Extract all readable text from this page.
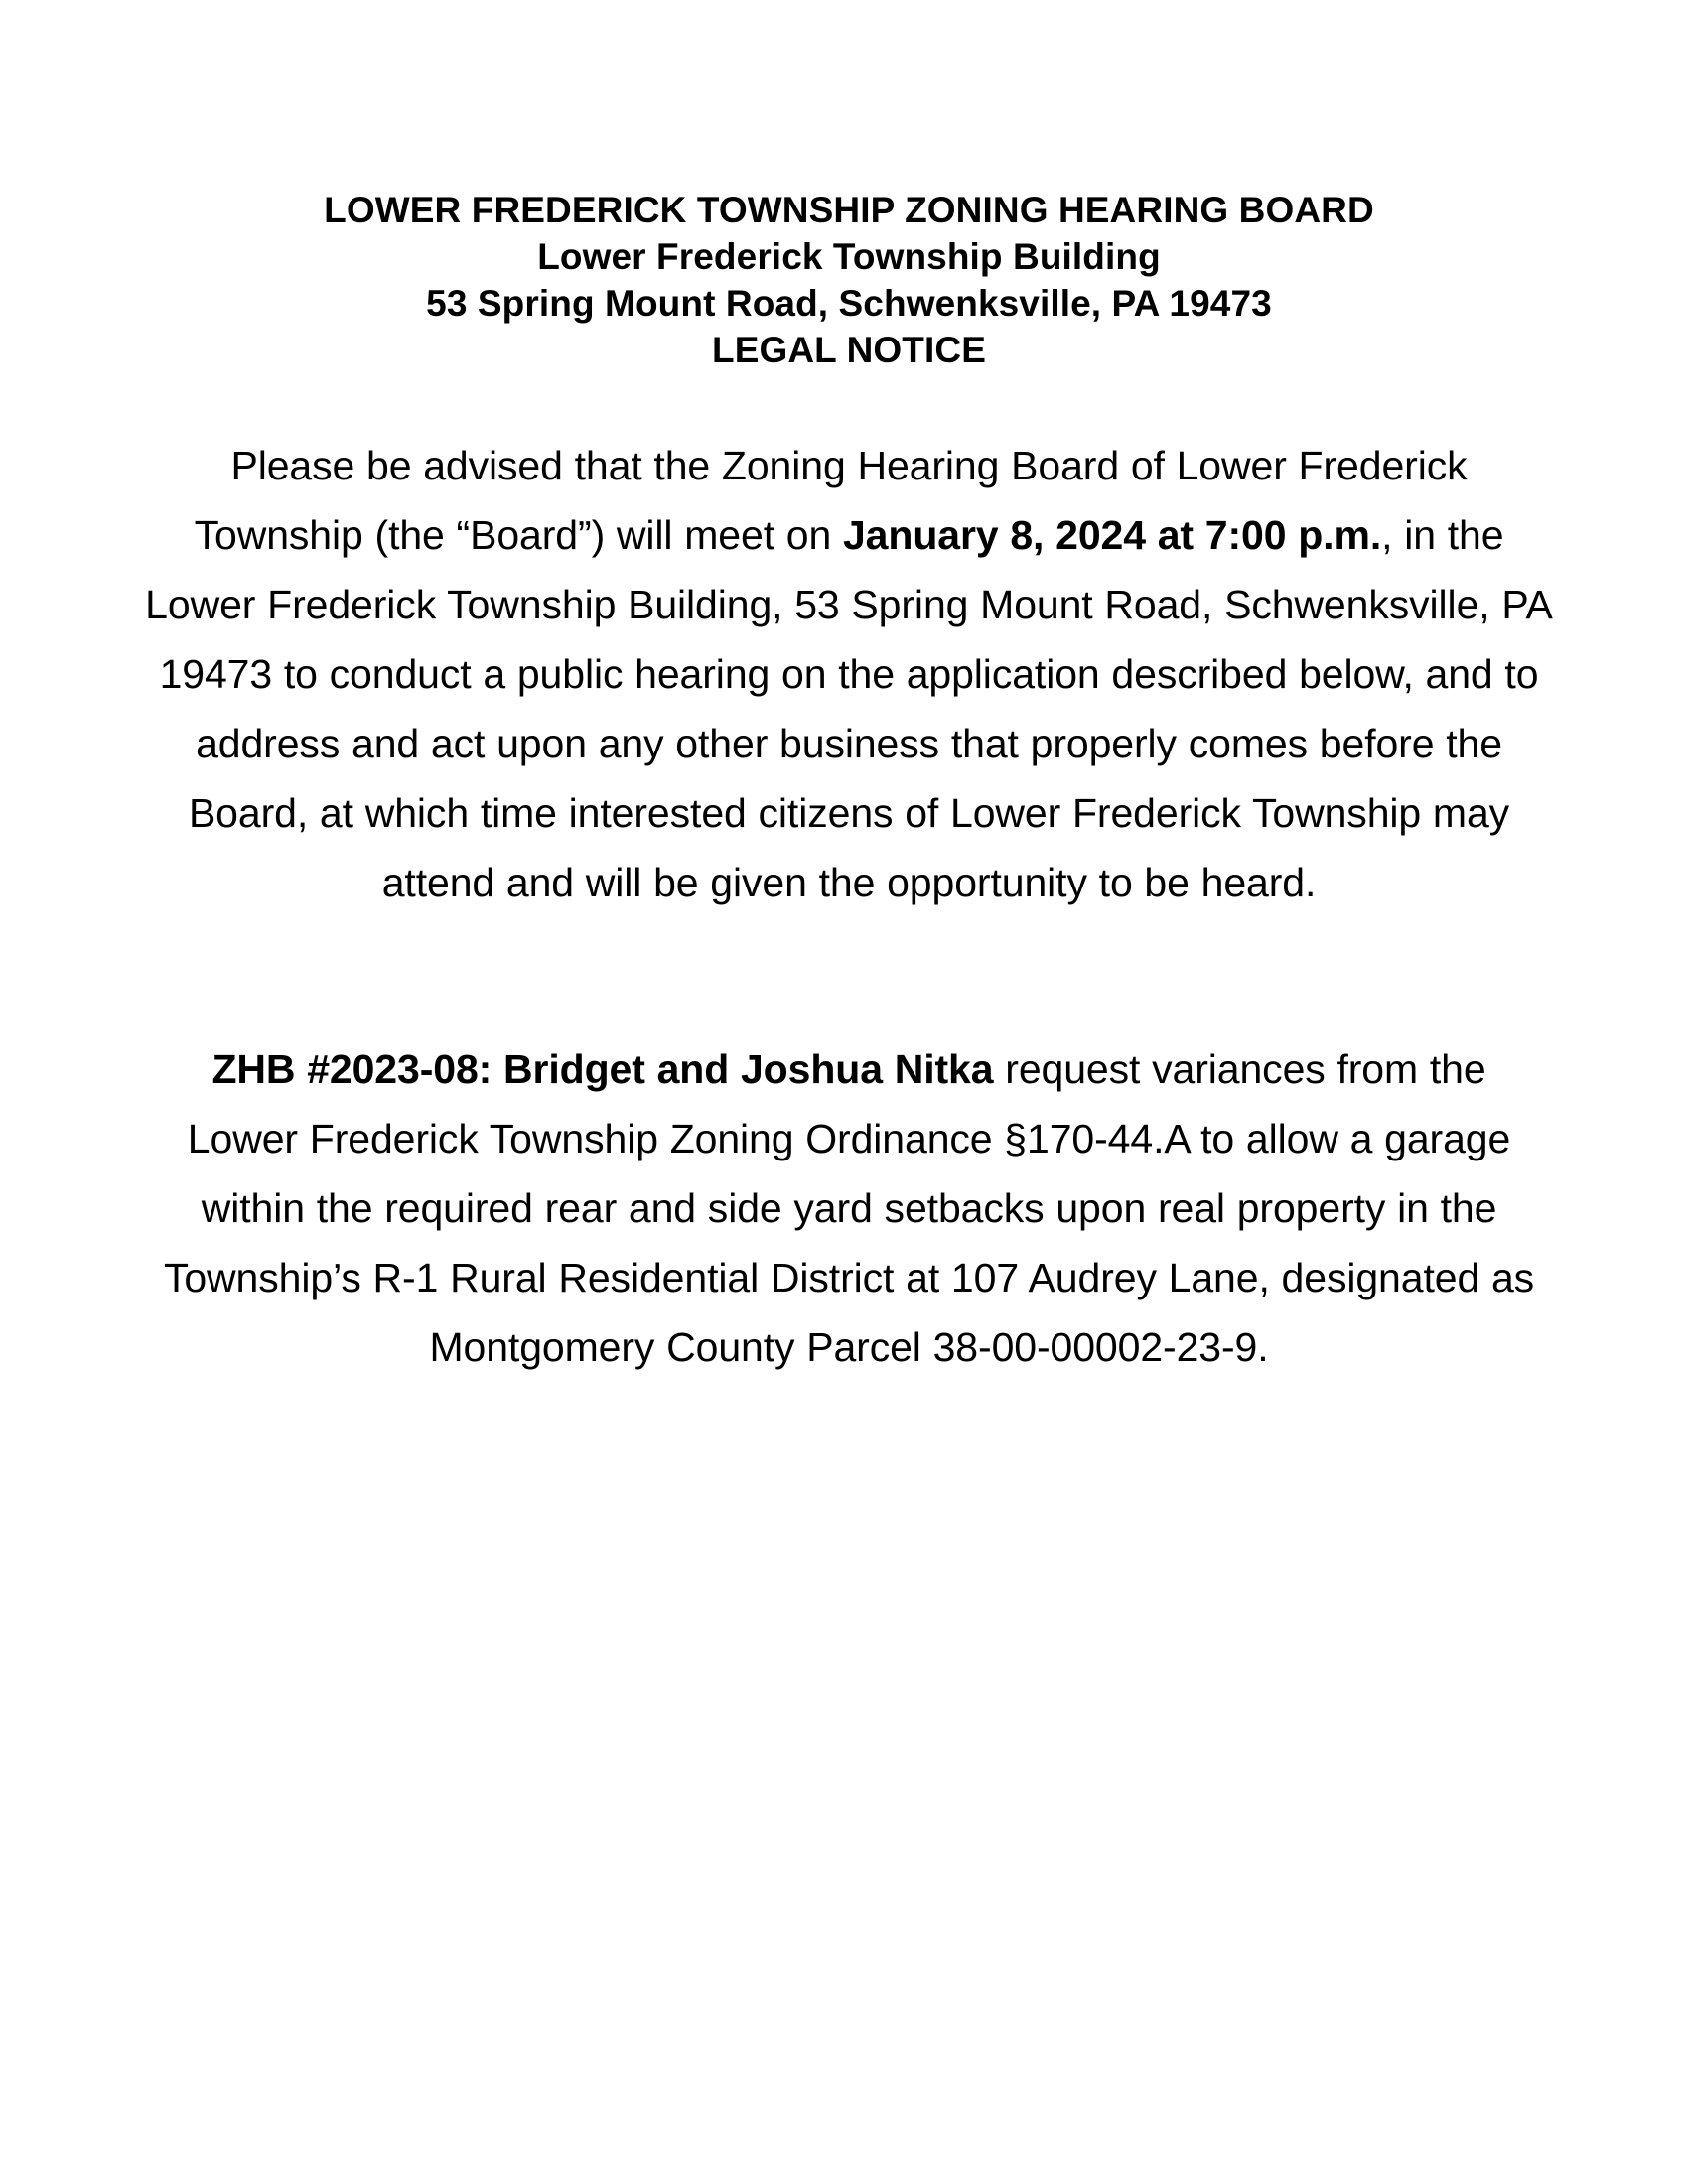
LOWER FREDERICK TOWNSHIP ZONING HEARING BOARD
Lower Frederick Township Building
53 Spring Mount Road, Schwenksville, PA 19473
LEGAL NOTICE

Please be advised that the Zoning Hearing Board of Lower Frederick Township (the “Board”) will meet on January 8, 2024 at 7:00 p.m., in the Lower Frederick Township Building, 53 Spring Mount Road, Schwenksville, PA 19473 to conduct a public hearing on the application described below, and to address and act upon any other business that properly comes before the Board, at which time interested citizens of Lower Frederick Township may attend and will be given the opportunity to be heard.

ZHB #2023-08: Bridget and Joshua Nitka request variances from the Lower Frederick Township Zoning Ordinance §170-44.A to allow a garage within the required rear and side yard setbacks upon real property in the Township’s R-1 Rural Residential District at 107 Audrey Lane, designated as Montgomery County Parcel 38-00-00002-23-9.
